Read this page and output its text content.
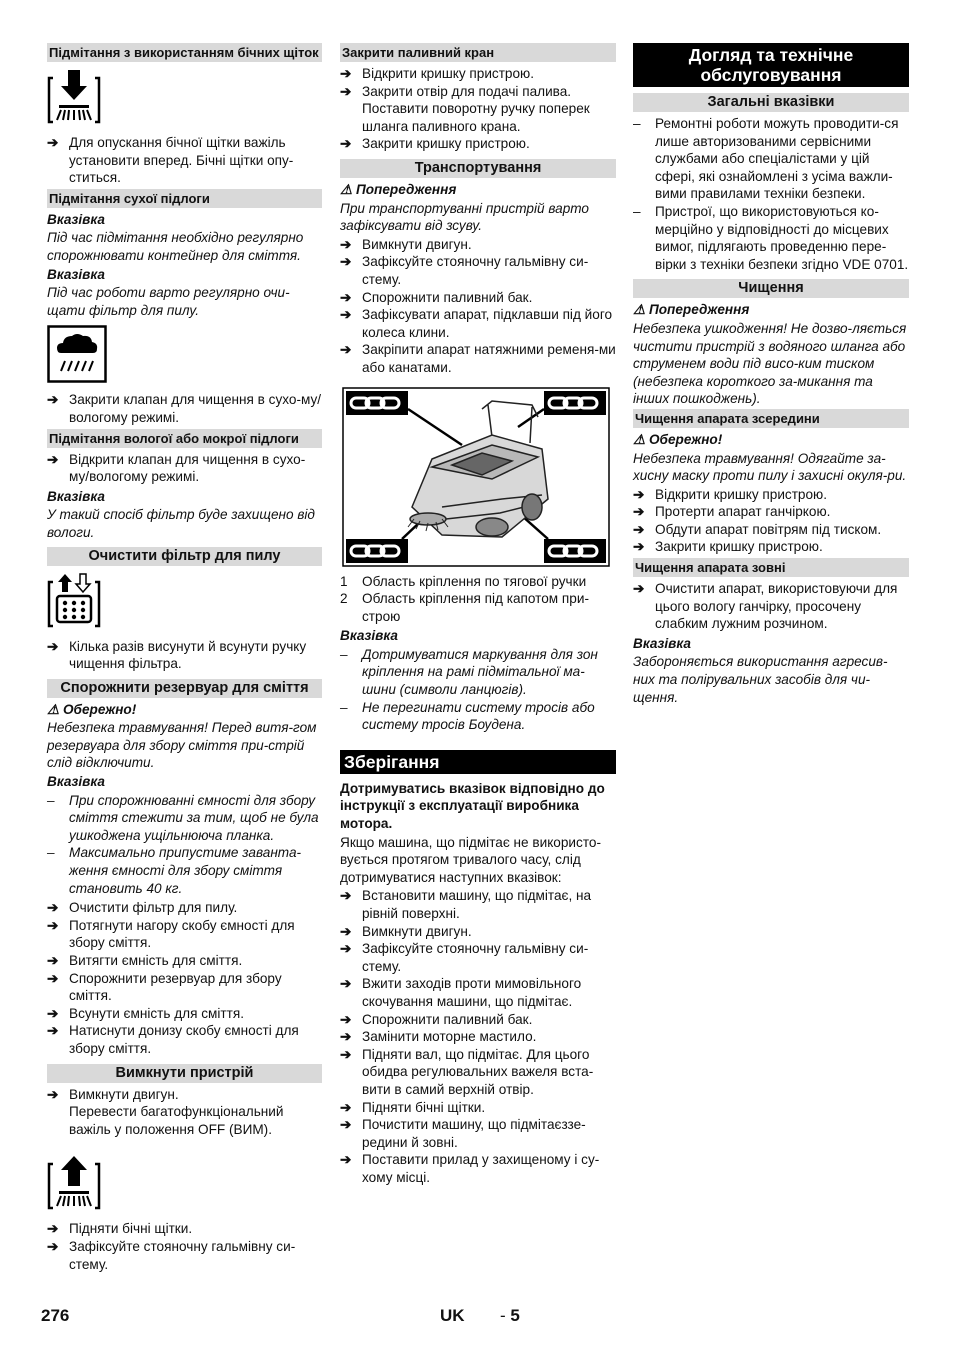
Підмітання з використанням бічних щіток
➔ Для опускання бічної щітки важіль установити вперед. Бічні щітки опу-ститься.
Підмітання сухої підлоги

Вказівка

Під час підмітання необхідно регулярно спорожнювати контейнер для сміття.

Вказівка

Під час роботи варто регулярно очи-щати фільтр для пилу.

➔ Закрити клапан для чищення в сухо-му/вологому режимі.
Підмітання вологої або мокрої підлоги
➔ Відкрити клапан для чищення в сухо-му/вологому режимі.

Вказівка

У такий спосіб фільтр буде захищено від вологи.

Очистити фільтр для пилу
➔ Кілька разів висунути й всунути ручку чищення фільтра.
Спорожнити резервуар для сміття

⚠ Обережно!

Небезпека травмування! Перед витя-гом резервуара для збору сміття при-стрій слід відключити.

Вказівка

– При спорожнюванні ємності для збору сміття стежити за тим, щоб не була ушкоджена ущільнююча планка.
– Максимально припустиме заванта-ження ємності для збору сміття становить 40 кг.
➔ Очистити фільтр для пилу.
➔ Потягнути нагору скобу ємності для збору сміття.
➔ Витягти ємність для сміття.
➔ Спорожнити резервуар для збору сміття.
➔ Всунути ємність для сміття.
➔ Натиснути донизу скобу ємності для збору сміття.
Вимкнути пристрій
➔ Вимкнути двигун.
Перевести багатофункціональний важіль у положення OFF (ВИМ).
➔ Підняти бічні щітки.
➔ Зафіксуйте стояночну гальмівну си-стему.
Закрити паливний кран
➔ Відкрити кришку пристрою.
➔ Закрити отвір для подачі палива. Поставити поворотну ручку поперек шланга паливного крана.
➔ Закрити кришку пристрою.
Транспортування

⚠ Попередження

При транспортуванні пристрій варто зафіксувати від зсуву.

➔ Вимкнути двигун.
➔ Зафіксуйте стояночну гальмівну си-стему.
➔ Спорожнити паливний бак.
➔ Зафіксувати апарат, підклавши під його колеса клини.
➔ Закріпити апарат натяжними ременя-ми або канатами.
1 Область кріплення по тягової ручки
2 Область кріплення під капотом при-строю

Вказівка

– Дотримуватися маркування для зон кріплення на рамі підмітальної ма-шини (символи ланцюгів).
– Не перегинати систему тросів або систему тросів Боудена.
Зберігання

Дотримуватись вказівок відповідно до інструкції з експлуатації виробника мотора.

Якщо машина, що підмітає не використо-вується протягом тривалого часу, слід дотримуватися наступних вказівок:

➔ Встановити машину, що підмітає, на рівній поверхні.
➔ Вимкнути двигун.
➔ Зафіксуйте стояночну гальмівну си-стему.
➔ Вжити заходів проти мимовільного скочування машини, що підмітає.
➔ Спорожнити паливний бак.
➔ Замінити моторне мастило.
➔ Підняти вал, що підмітає. Для цього обидва регулювальних важеля вста-вити в самий верхній отвір.
➔ Підняти бічні щітки.
➔ Почистити машину, що підмітаєззе-редини й зовні.
➔ Поставити прилад у захищеному і су-хому місці.
Догляд та технічне обслуговування
Загальні вказівки
– Ремонтні роботи можуть проводити-ся лише авторизованими сервісними службами або спеціалістами у цій сфері, які ознайомлені з усіма важли-вими правилами техніки безпеки.
– Пристрої, що використовуються ко-мерційно у відповідності до місцевих вимог, підлягають проведенню пере-вірки з техніки безпеки згідно VDE 0701.
Чищення

⚠ Попередження

Небезпека ушкодження! Не дозво-ляється чистити пристрій з водяного шланга або струменем води під висо-ким тиском (небезпека короткого за-микання та інших пошкоджень).

Чищення апарата зсередини

⚠ Обережно!

Небезпека травмування! Одягайте за-хисну маску проти пилу і захисні окуля-ри.

➔ Відкрити кришку пристрою.
➔ Протерти апарат ганчіркою.
➔ Обдути апарат повітрям під тиском.
➔ Закрити кришку пристрою.
Чищення апарата зовні
➔ Очистити апарат, використовуючи для цього вологу ганчірку, просочену слабким лужним розчином.

Вказівка

Забороняється використання агресив-них та полірувальних засобів для чи-щення.

276	UK - 5
